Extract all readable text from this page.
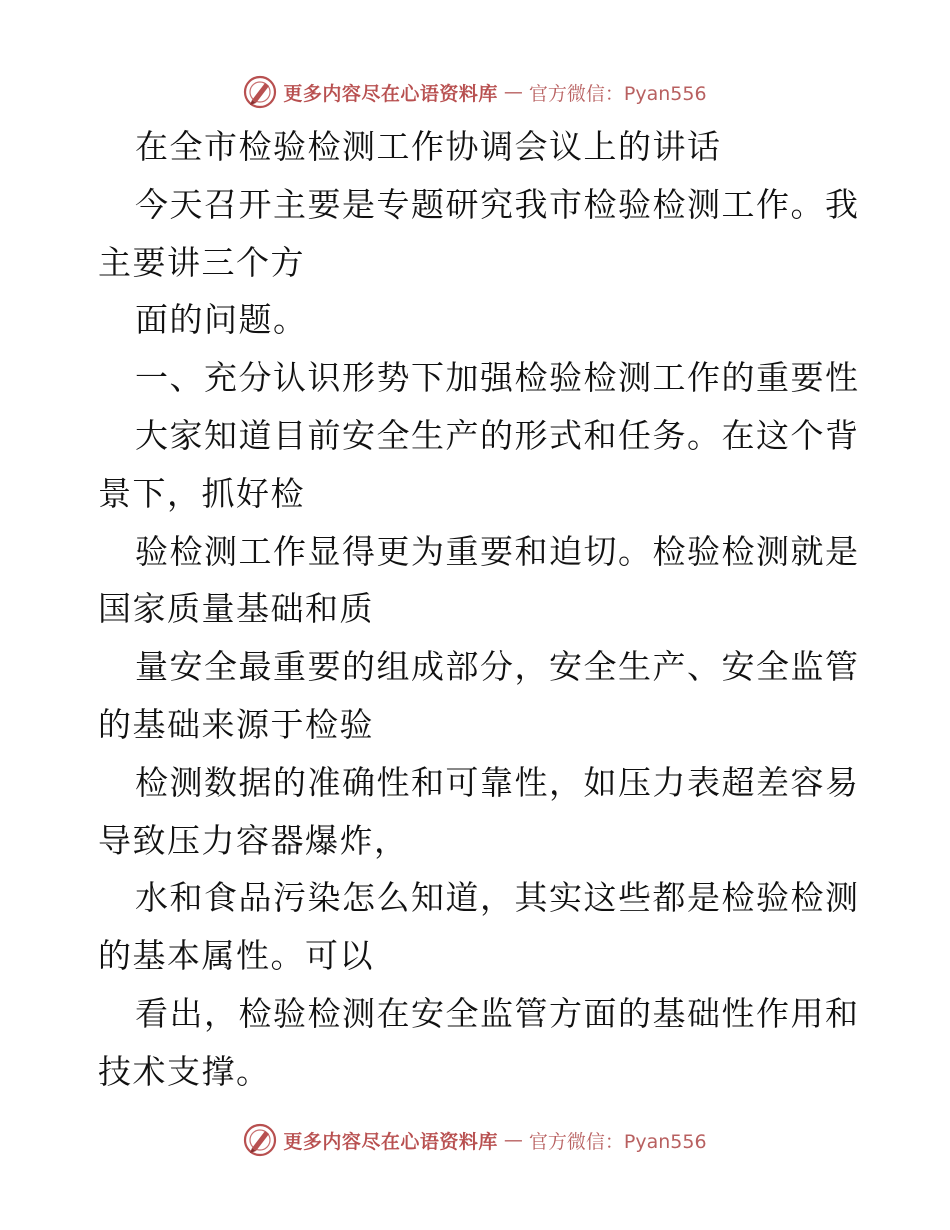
更多内容尽在心语资料库 — 官方微信：Pyan556
在全市检验检测工作协调会议上的讲话
今天召开主要是专题研究我市检验检测工作。我
主要讲三个方
面的问题。
一、充分认识形势下加强检验检测工作的重要性
大家知道目前安全生产的形式和任务。在这个背
景下，抓好检
验检测工作显得更为重要和迫切。检验检测就是
国家质量基础和质
量安全最重要的组成部分，安全生产、安全监管
的基础来源于检验
检测数据的准确性和可靠性，如压力表超差容易
导致压力容器爆炸，
水和食品污染怎么知道，其实这些都是检验检测
的基本属性。可以
看出，检验检测在安全监管方面的基础性作用和
技术支撑。
更多内容尽在心语资料库 — 官方微信：Pyan556
